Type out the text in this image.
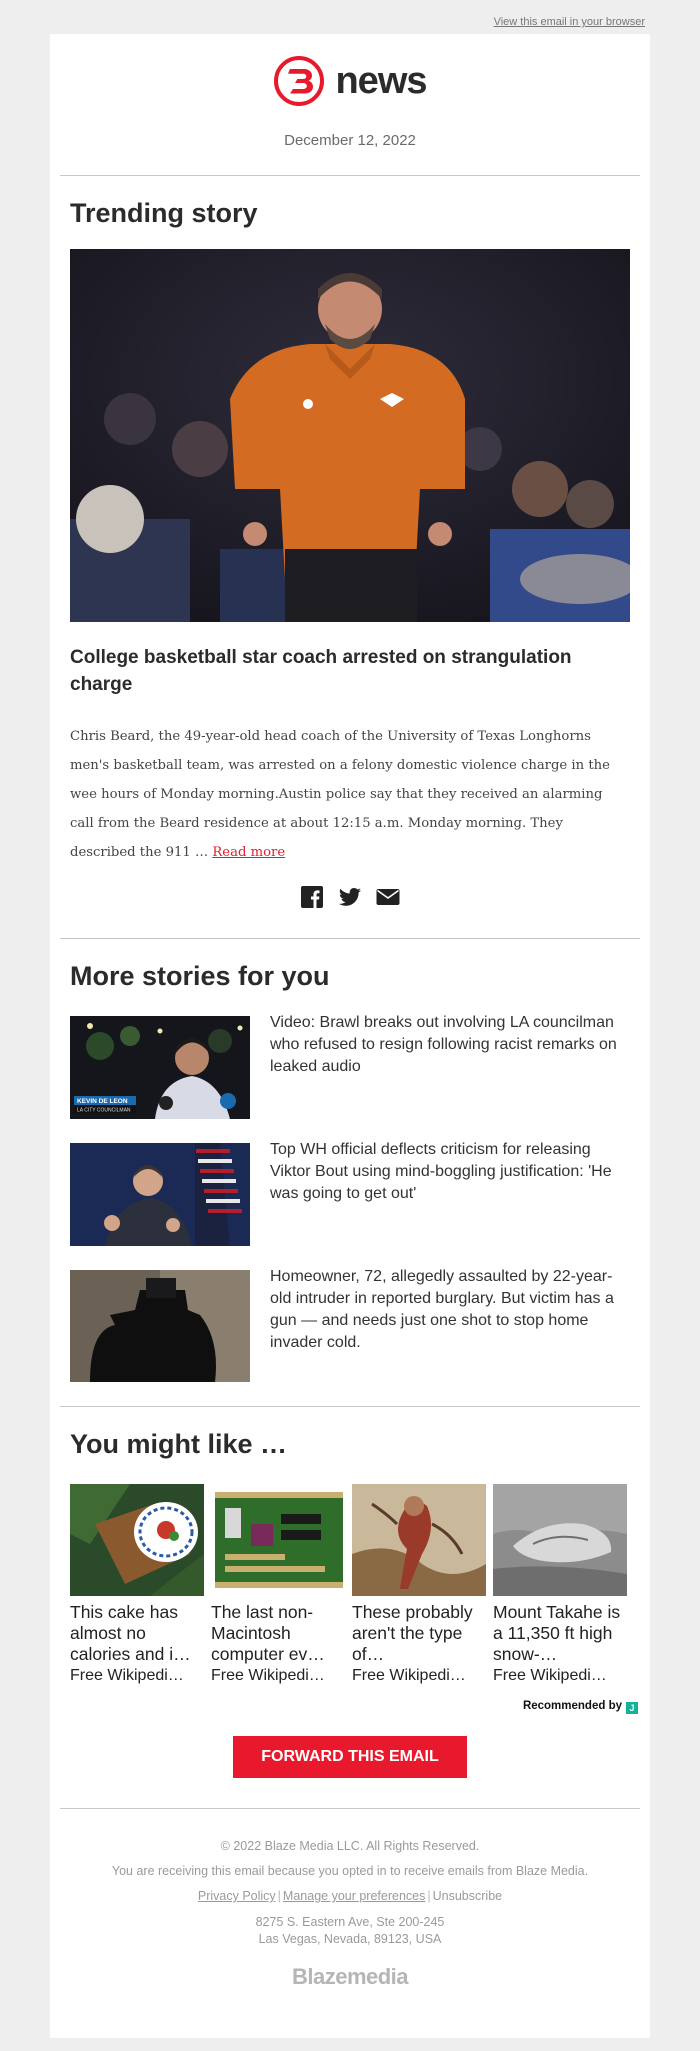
View this email in your browser
news
December 12, 2022
Trending story
College basketball star coach arrested on strangulation charge

Chris Beard, the 49-year-old head coach of the University of Texas Longhorns men's basketball team, was arrested on a felony domestic violence charge in the wee hours of Monday morning.Austin police say that they received an alarming call from the Beard residence at about 12:15 a.m. Monday morning. They described the 911 … Read more

More stories for you
KEVIN DE LEON
LA CITY COUNCILMAN
Video: Brawl breaks out involving LA councilman who refused to resign following racist remarks on leaked audio
Top WH official deflects criticism for releasing Viktor Bout using mind-boggling justification: 'He was going to get out'
Homeowner, 72, allegedly assaulted by 22-year-old intruder in reported burglary. But victim has a gun — and needs just one shot to stop home invader cold.
You might like …
This cake has almost no calories and i…
Free Wikipedi…
The last non-Macintosh computer ev…
Free Wikipedi…
These probably aren't the type of…
Free Wikipedi…
Mount Takahe is a 11,350 ft high snow-…
Free Wikipedi…
Recommended by J
FORWARD THIS EMAIL
© 2022 Blaze Media LLC. All Rights Reserved.
You are receiving this email because you opted in to receive emails from Blaze Media.
Privacy Policy | Manage your preferences | Unsubscribe
8275 S. Eastern Ave, Ste 200-245
Las Vegas, Nevada, 89123, USA
Blazemedia
